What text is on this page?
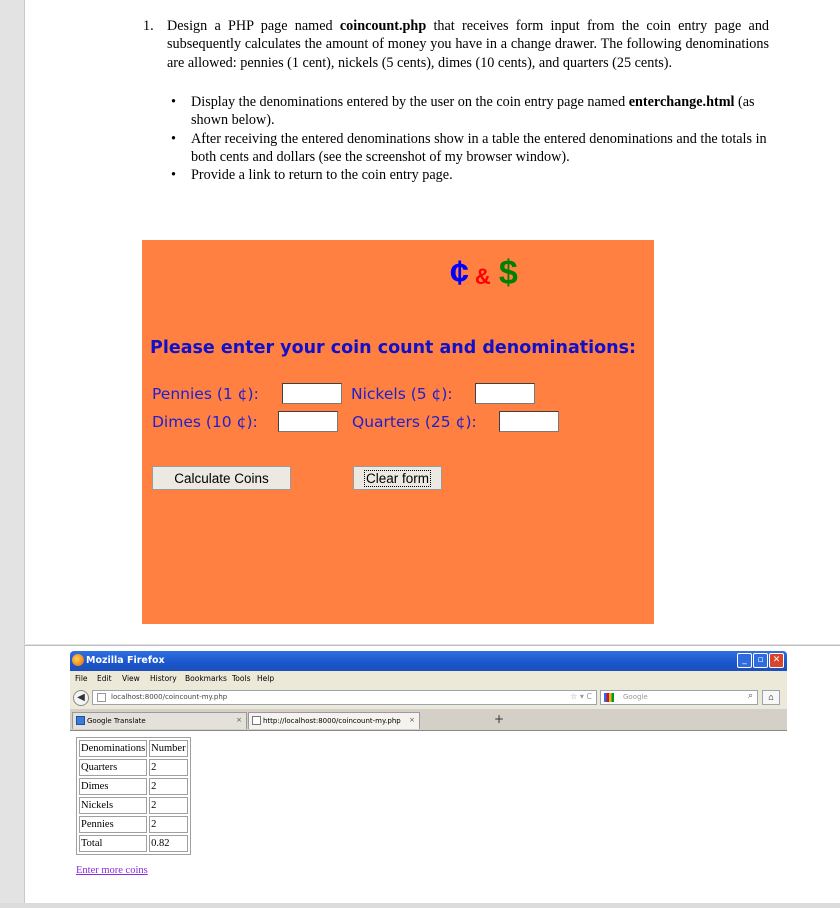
1. Design a PHP page named coincount.php that receives form input from the coin entry page and subsequently calculates the amount of money you have in a change drawer. The following denominations are allowed: pennies (1 cent), nickels (5 cents), dimes (10 cents), and quarters (25 cents).
• Display the denominations entered by the user on the coin entry page named enterchange.html (as shown below).
• After receiving the entered denominations show in a table the entered denominations and the totals in both cents and dollars (see the screenshot of my browser window).
• Provide a link to return to the coin entry page.
¢ & $
Please enter your coin count and denominations:
Pennies (1 ¢):	Nickels (5 ¢):
Dimes (10 ¢):	Quarters (25 ¢):
Calculate Coins	Clear form
Mozilla Firefox	_	▫	✕
File Edit View History Bookmarks Tools Help
◀	localhost:8000/coincount-my.php	☆ ▾ C	Google	⌕	⌂
Google Translate	×	http://localhost:8000/coincount-my.php ×	+
Denominations	Number
Quarters	2
Dimes	2
Nickels	2
Pennies	2
Total	0.82
Enter more coins
